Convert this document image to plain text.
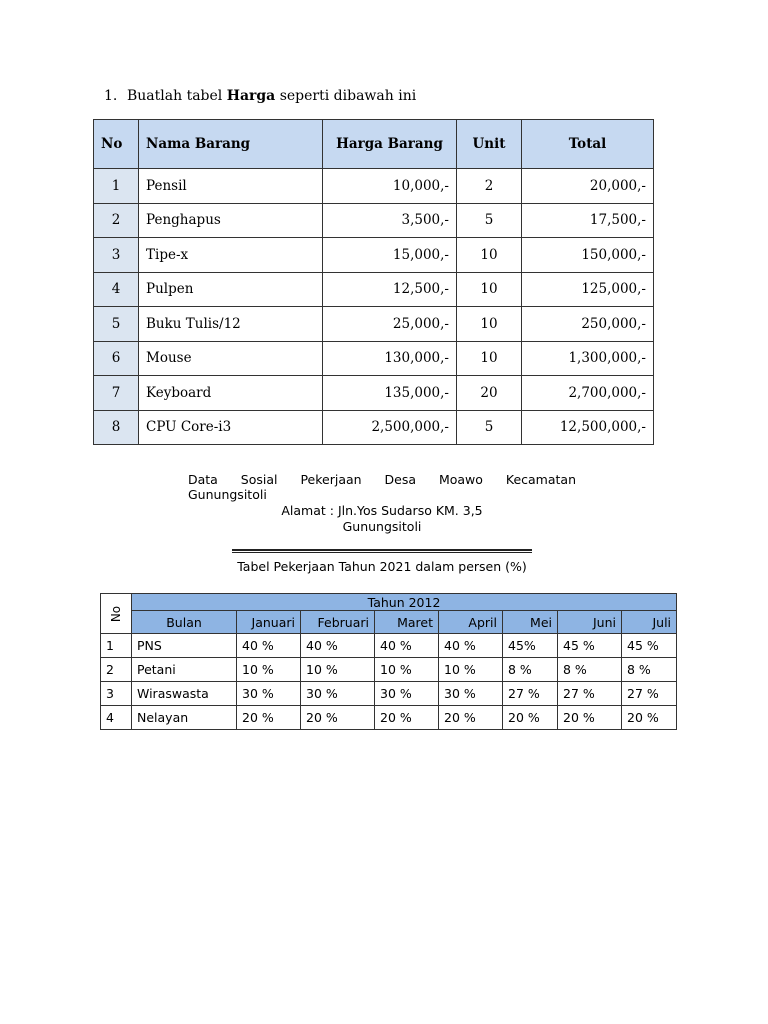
1. Buatlah tabel Harga seperti dibawah ini
No	Nama Barang	Harga Barang	Unit	Total
1	Pensil	10,000,-	2	20,000,-
2	Penghapus	3,500,-	5	17,500,-
3	Tipe-x	15,000,-	10	150,000,-
4	Pulpen	12,500,-	10	125,000,-
5	Buku Tulis/12	25,000,-	10	250,000,-
6	Mouse	130,000,-	10	1,300,000,-
7	Keyboard	135,000,-	20	2,700,000,-
8	CPU Core-i3	2,500,000,-	5	12,500,000,-
Data Sosial Pekerjaan Desa Moawo Kecamatan
Gunungsitoli
Alamat : Jln.Yos Sudarso KM. 3,5
Gunungsitoli
Tabel Pekerjaan Tahun 2021 dalam persen (%)
No	Tahun 2012							
	Bulan	Januari	Februari	Maret	April	Mei	Juni	Juli
1	PNS	40 %	40 %	40 %	40 %	45%	45 %	45 %
2	Petani	10 %	10 %	10 %	10 %	8 %	8 %	8 %
3	Wiraswasta	30 %	30 %	30 %	30 %	27 %	27 %	27 %
4	Nelayan	20 %	20 %	20 %	20 %	20 %	20 %	20 %
